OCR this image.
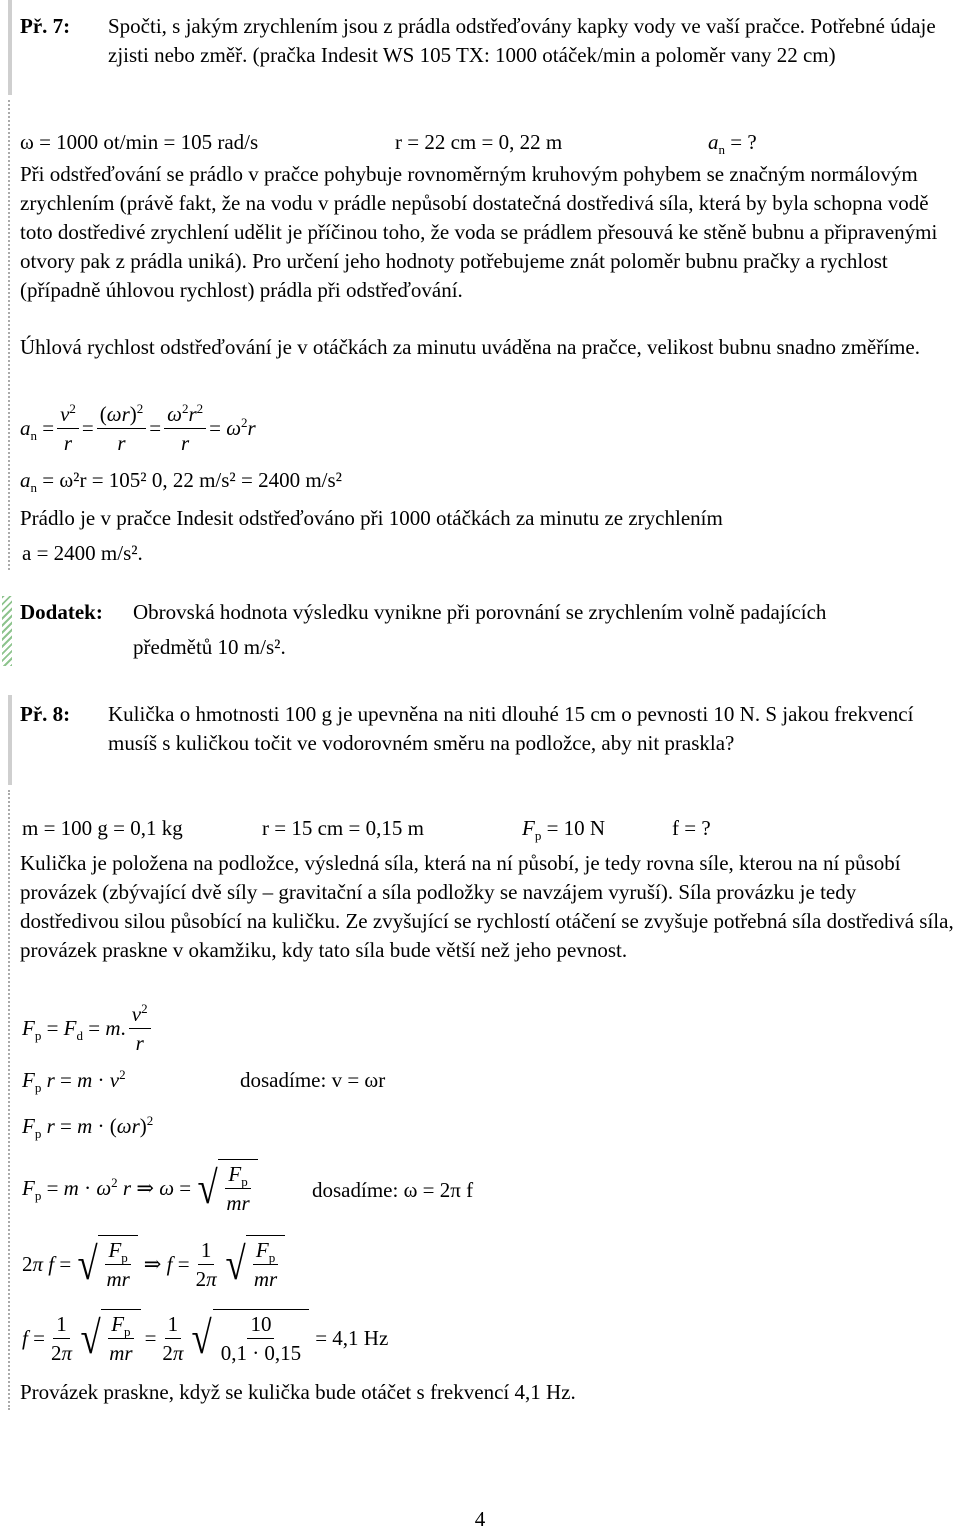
Př. 7: Spočti, s jakým zrychlením jsou z prádla odstřeďovány kapky vody ve vaší pračce. Potřebné údaje zjisti nebo změř. (pračka Indesit WS 105 TX: 1000 otáček/min a poloměr vany 22 cm)
ω = 1000 ot/min = 105 rad/s	r = 22 cm = 0, 22 m	$a_n$ = ?
Při odstřeďování se prádlo v pračce pohybuje rovnoměrným kruhovým pohybem se značným normálovým zrychlením (právě fakt, že na vodu v prádle nepůsobí dostatečná dostředivá síla, která by byla schopna vodě toto dostředivé zrychlení udělit je příčinou toho, že voda se prádlem přesouvá ke stěně bubnu a připravenými otvory pak z prádla uniká). Pro určení jeho hodnoty potřebujeme znát poloměr bubnu pračky a rychlost (případně úhlovou rychlost) prádla při odstřeďování.
Úhlová rychlost odstřeďování je v otáčkách za minutu uváděna na pračce, velikost bubnu snadno změříme.
$a_n = \frac{v^2}{r} = \frac{(\omega r)^2}{r} = \frac{\omega^2r^2}{r} = \omega^2r$
$a_n = \omega^2r = 105^2$ 0, 22 m/s² = 2400 m/s²
Prádlo je v pračce Indesit odstřeďováno při 1000 otáčkách za minutu ze zrychlením
a = 2400 m/s².
Dodatek: Obrovská hodnota výsledku vynikne při porovnání se zrychlením volně padajících
předmětů 10 m/s².
Př. 8: Kulička o hmotnosti 100 g je upevněna na niti dlouhé 15 cm o pevnosti 10 N. S jakou frekvencí musíš s kuličkou točit ve vodorovném směru na podložce, aby nit praskla?
m = 100 g = 0,1 kg	r = 15 cm = 0,15 m	$F_p = 10$ N	f = ?
Kulička je položena na podložce, výsledná síla, která na ní působí, je tedy rovna síle, kterou na ní působí provázek (zbývající dvě síly – gravitační a síla podložky se navzájem vyruší). Síla provázku je tedy dostředivou silou působící na kuličku. Ze zvyšující se rychlostí otáčení se zvyšuje potřebná síla dostředivá síla, provázek praskne v okamžiku, kdy tato síla bude větší než jeho pevnost.
$F_p = F_d = m$. $\frac{v^2}{r}$
$F_p$ $r = m \cdot v^2$	dosadíme: v = ωr
$F_p$ $r = m \cdot (\omega r)^2$
$F_p = m \cdot \omega^2$ r ⇒ ω = √ $\frac{F_p}{mr}$	dosadíme: ω = 2π f
2π f = √ $\frac{F_p}{mr}$ ⇒ $f = \frac{1}{2\pi}$ √ $\frac{F_p}{mr}$
$f = \frac{1}{2\pi}$ √ $\frac{F_p}{mr} = \frac{1}{2\pi}$ √ $\frac{10}{0,1 \cdot 0,15} = 4,1$ Hz
Provázek praskne, když se kulička bude otáčet s frekvencí 4,1 Hz.
4
